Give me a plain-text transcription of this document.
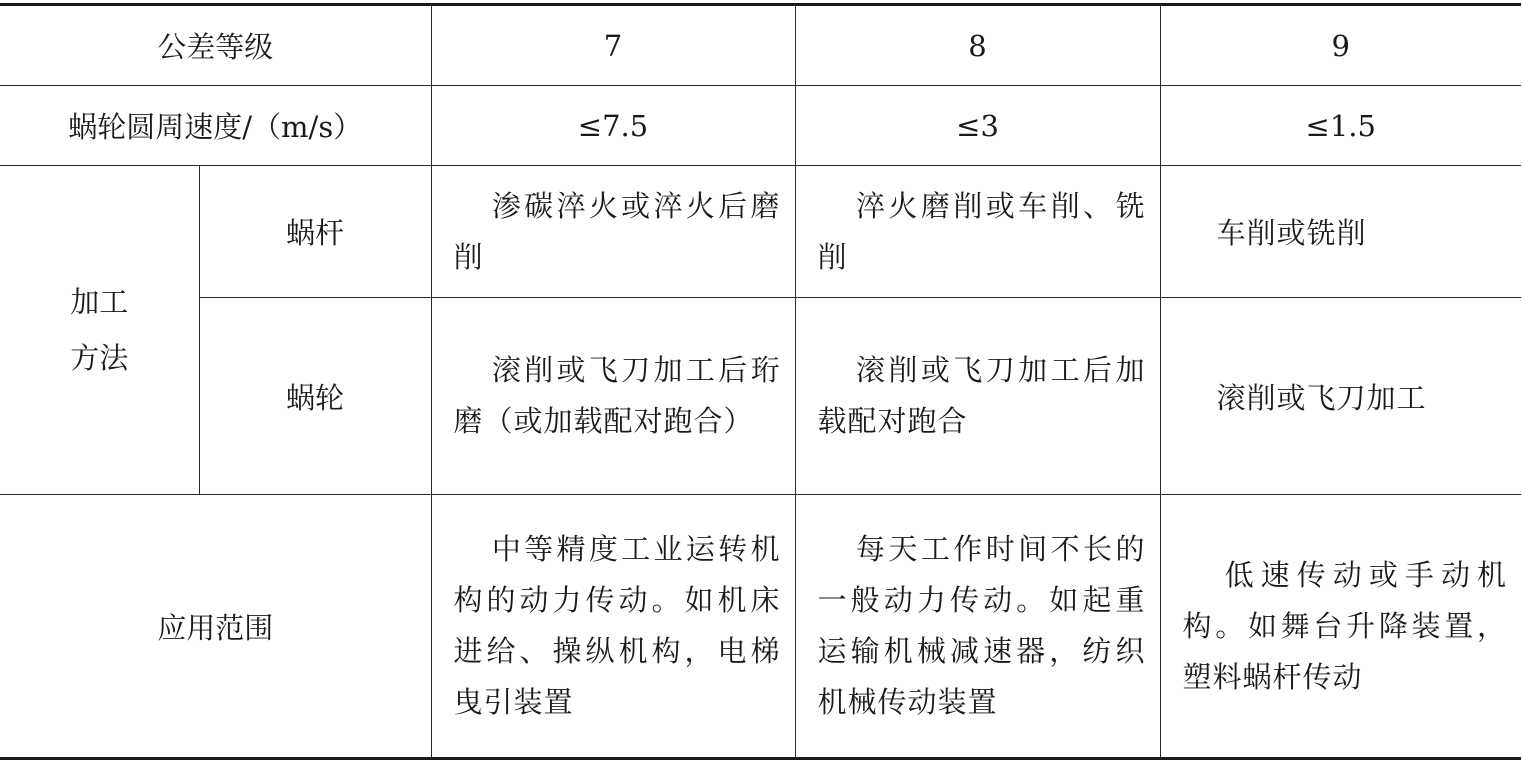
公差等级		7	8	9
蜗轮圆周速度/（m/s）		≤7.5	≤3	≤1.5

加工
方法	蜗杆	渗碳淬火或淬火后磨削	淬火磨削或车削、铣削	车削或铣削
	蜗轮	滚削或飞刀加工后珩磨（或加载配对跑合）	滚削或飞刀加工后加载配对跑合	滚削或飞刀加工
应用范围		中等精度工业运转机构的动力传动。如机床进给、操纵机构，电梯曳引装置	每天工作时间不长的一般动力传动。如起重运输机械减速器，纺织机械传动装置	低速传动或手动机构。如舞台升降装置，塑料蜗杆传动
